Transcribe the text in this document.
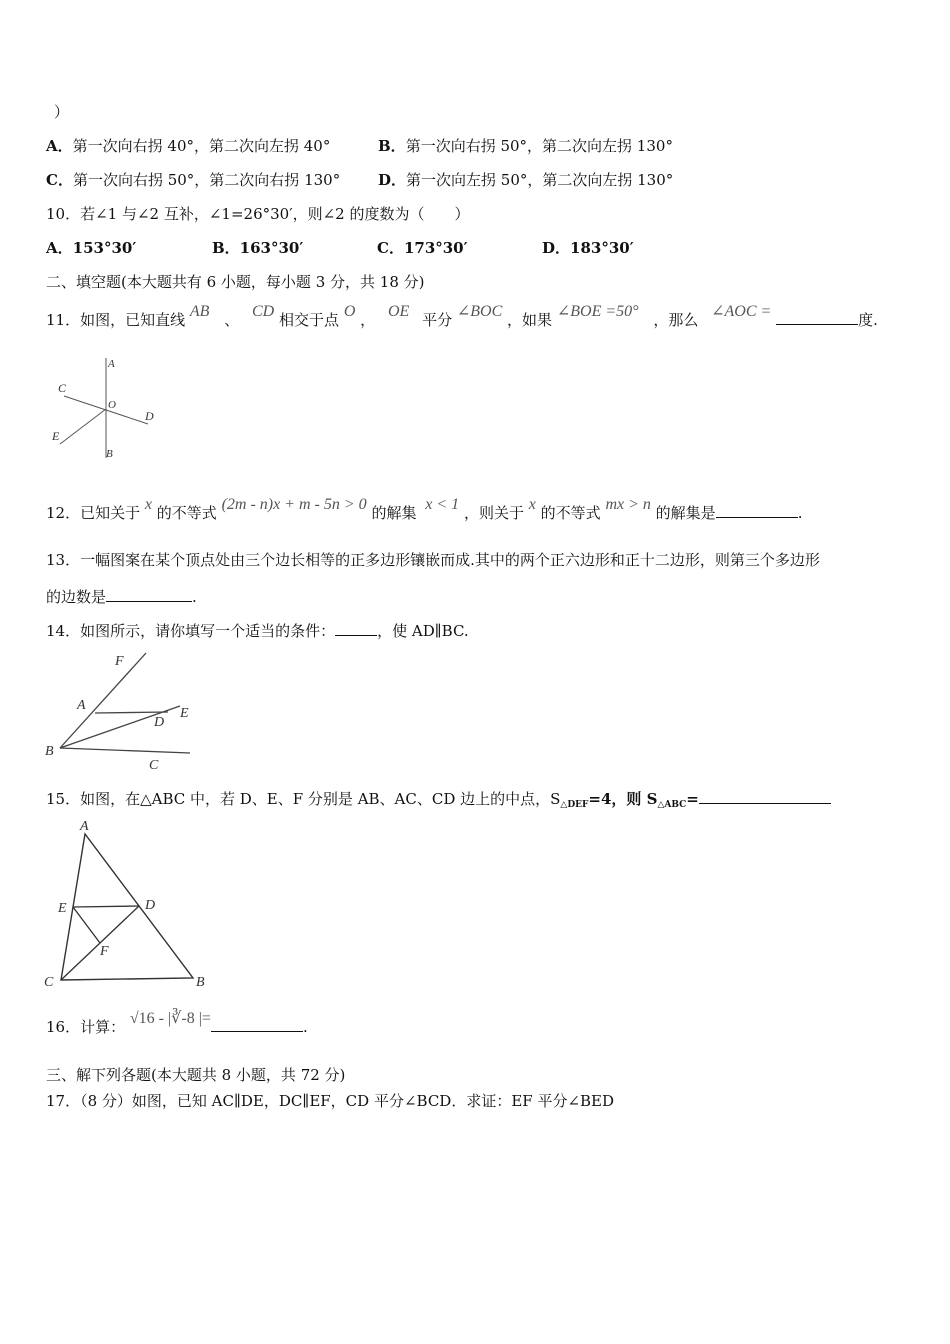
）
A．第一次向右拐 40°，第二次向左拐 40°	B．第一次向右拐 50°，第二次向左拐 130°
C．第一次向右拐 50°，第二次向右拐 130°	D．第一次向左拐 50°，第二次向左拐 130°
10．若∠1 与∠2 互补，∠1=26°30′，则∠2 的度数为（　　）
A．153°30′	B．163°30′	C．173°30′	D．183°30′
二、填空题(本大题共有 6 小题，每小题 3 分，共 18 分)
11．如图，已知直线 AB 、 CD 相交于点 O ， OE 平分 ∠BOC ，如果 ∠BOE =50° ，那么 ∠AOC =	度.
A
B
C
D
E
O
12．已知关于 x 的不等式 (2m - n)x + m - 5n > 0 的解集 x < 1 ，则关于 x 的不等式 mx > n 的解集是	.
13．一幅图案在某个顶点处由三个边长相等的正多边形镶嵌而成.其中的两个正六边形和正十二边形，则第三个多边形
的边数是	.
14．如图所示，请你填写一个适当的条件：	，使 AD∥BC.
F
A
D
E
B
C
15．如图，在△ABC 中，若 D、E、F 分别是 AB、AC、CD 边上的中点，$S_{\triangle DEF}=4$，则 $S_{\triangle ABC}=$
A
E	D
F
C	B
16．计算： √16 - |∛-8 |=	.
三、解下列各题(本大题共 8 小题，共 72 分)
17．（8 分）如图，已知 AC∥DE，DC∥EF，CD 平分∠BCD．求证：EF 平分∠BED
